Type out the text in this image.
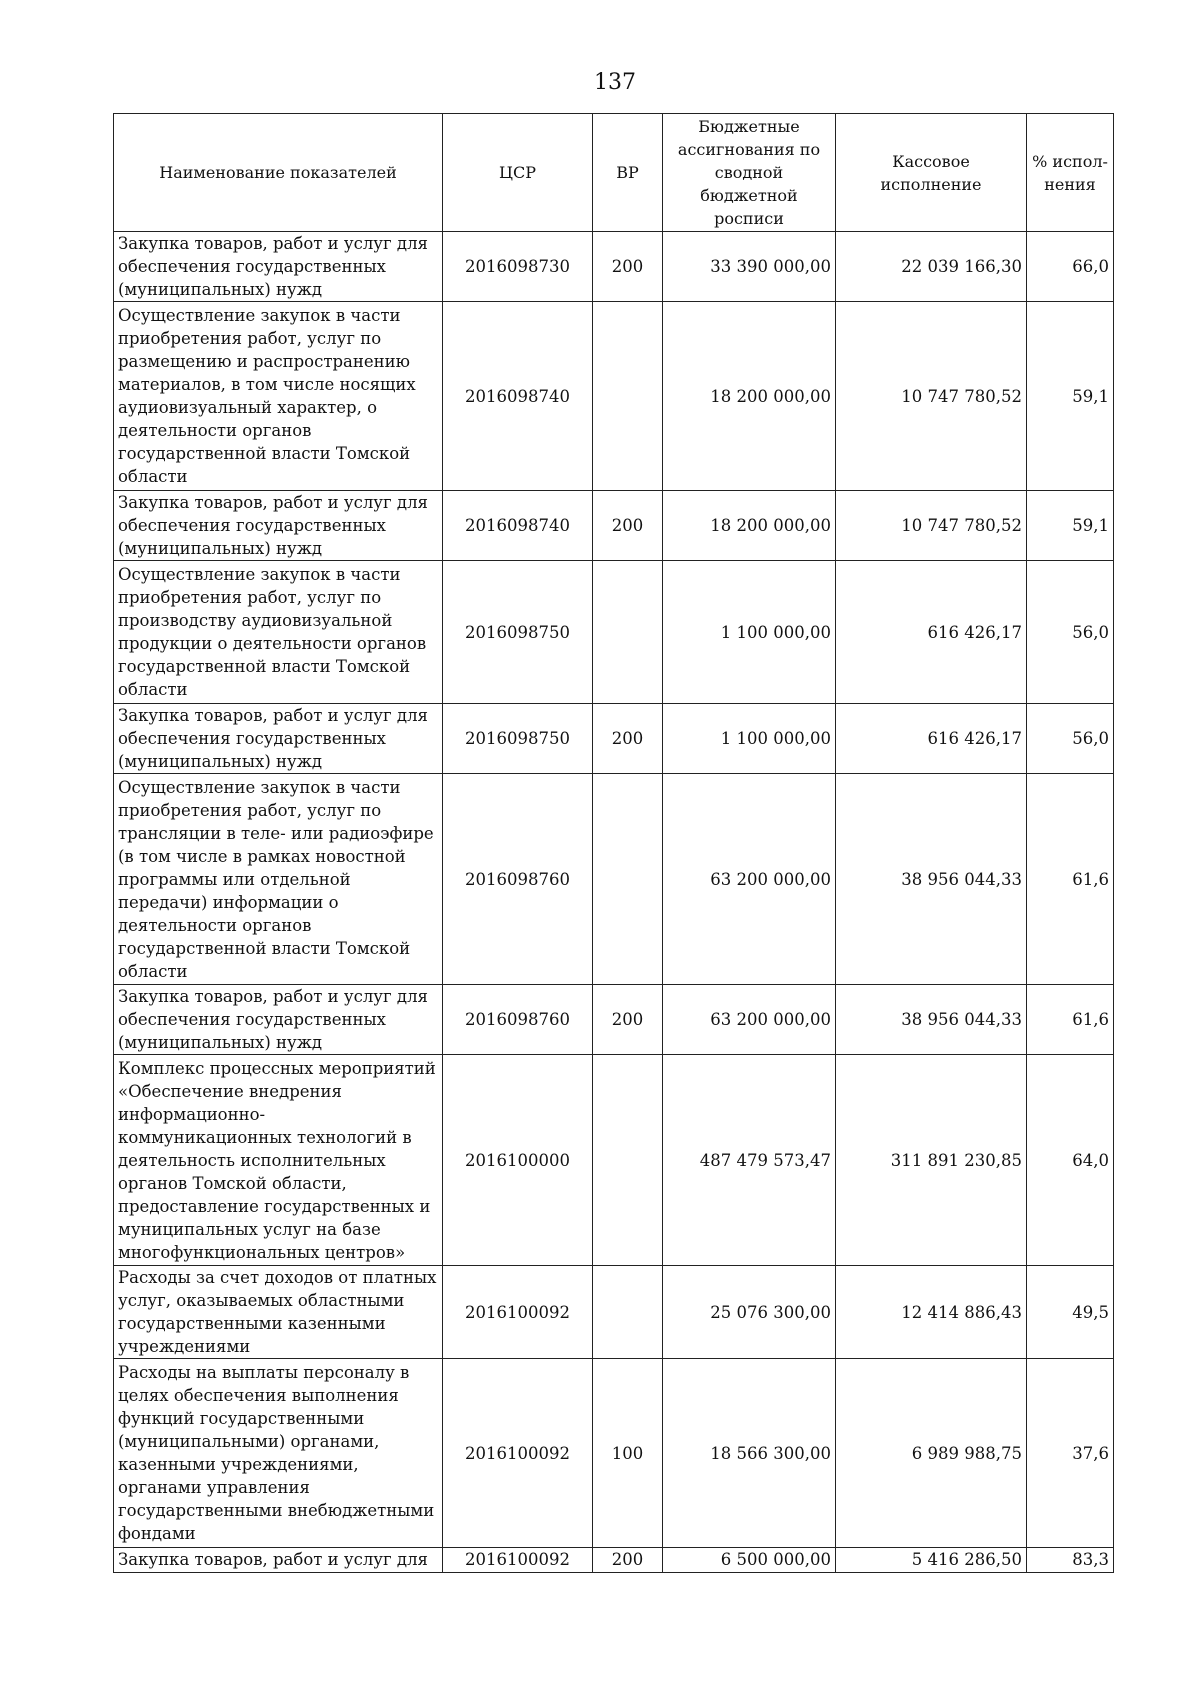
137
Наименование показателей	ЦСР	ВР	Бюджетные ассигнования по сводной бюджетной росписи	Кассовое исполнение	% испол-нения
Закупка товаров, работ и услуг для обеспечения государственных (муниципальных) нужд	2016098730	200	33 390 000,00	22 039 166,30	66,0
Осуществление закупок в части приобретения работ, услуг по размещению и распространению материалов, в том числе носящих аудиовизуальный характер, о деятельности органов государственной власти Томской области	2016098740		18 200 000,00	10 747 780,52	59,1
Закупка товаров, работ и услуг для обеспечения государственных (муниципальных) нужд	2016098740	200	18 200 000,00	10 747 780,52	59,1
Осуществление закупок в части приобретения работ, услуг по производству аудиовизуальной продукции о деятельности органов государственной власти Томской области	2016098750		1 100 000,00	616 426,17	56,0
Закупка товаров, работ и услуг для обеспечения государственных (муниципальных) нужд	2016098750	200	1 100 000,00	616 426,17	56,0
Осуществление закупок в части приобретения работ, услуг по трансляции в теле- или радиоэфире (в том числе в рамках новостной программы или отдельной передачи) информации о деятельности органов государственной власти Томской области	2016098760		63 200 000,00	38 956 044,33	61,6
Закупка товаров, работ и услуг для обеспечения государственных (муниципальных) нужд	2016098760	200	63 200 000,00	38 956 044,33	61,6
Комплекс процессных мероприятий «Обеспечение внедрения информационно-коммуникационных технологий в деятельность исполнительных органов Томской области, предоставление государственных и муниципальных услуг на базе многофункциональных центров»	2016100000		487 479 573,47	311 891 230,85	64,0
Расходы за счет доходов от платных услуг, оказываемых областными государственными казенными учреждениями	2016100092		25 076 300,00	12 414 886,43	49,5
Расходы на выплаты персоналу в целях обеспечения выполнения функций государственными (муниципальными) органами, казенными учреждениями, органами управления государственными внебюджетными фондами	2016100092	100	18 566 300,00	6 989 988,75	37,6
Закупка товаров, работ и услуг для	2016100092	200	6 500 000,00	5 416 286,50	83,3
